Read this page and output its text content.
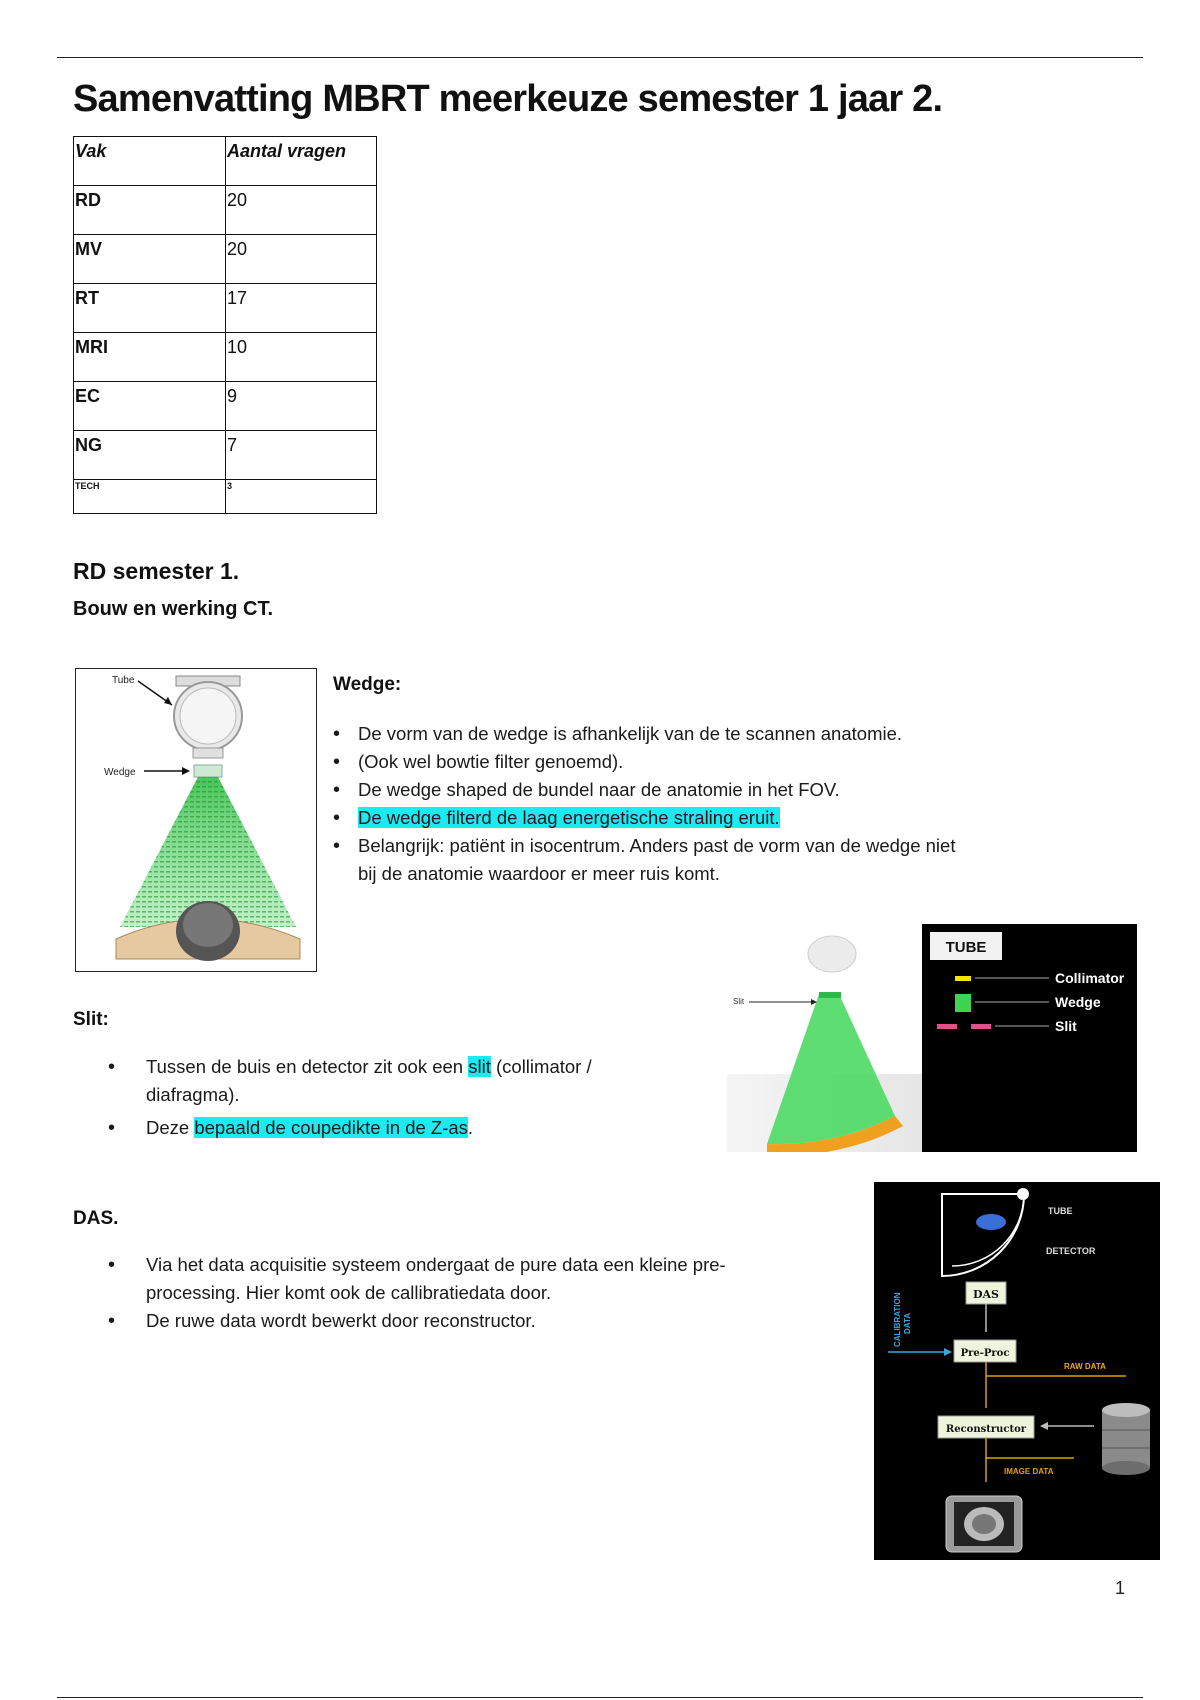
Samenvatting MBRT meerkeuze semester 1 jaar 2.
Vak	Aantal vragen
RD	20
MV	20
RT	17
MRI	10
EC	9
NG	7
TECH	3
RD semester 1.
Bouw en werking CT.
Tube
Wedge
Wedge:
• De vorm van de wedge is afhankelijk van de te scannen anatomie.
• (Ook wel bowtie filter genoemd).
• De wedge shaped de bundel naar de anatomie in het FOV.
• De wedge filterd de laag energetische straling eruit.
• Belangrijk: patiënt in isocentrum. Anders past de vorm van de wedge niet bij de anatomie waardoor er meer ruis komt.
Slit
TUBE
Collimator
Wedge
Slit
Slit:
• Tussen de buis en detector zit ook een slit (collimator / diafragma).
• Deze bepaald de coupedikte in de Z-as.
DAS.
• Via het data acquisitie systeem ondergaat de pure data een kleine pre-processing. Hier komt ook de callibratiedata door.
• De ruwe data wordt bewerkt door reconstructor.
TUBE
DETECTOR
DAS
Pre-Proc
CALIBRATION DATA
RAW DATA
Reconstructor
IMAGE DATA
1
